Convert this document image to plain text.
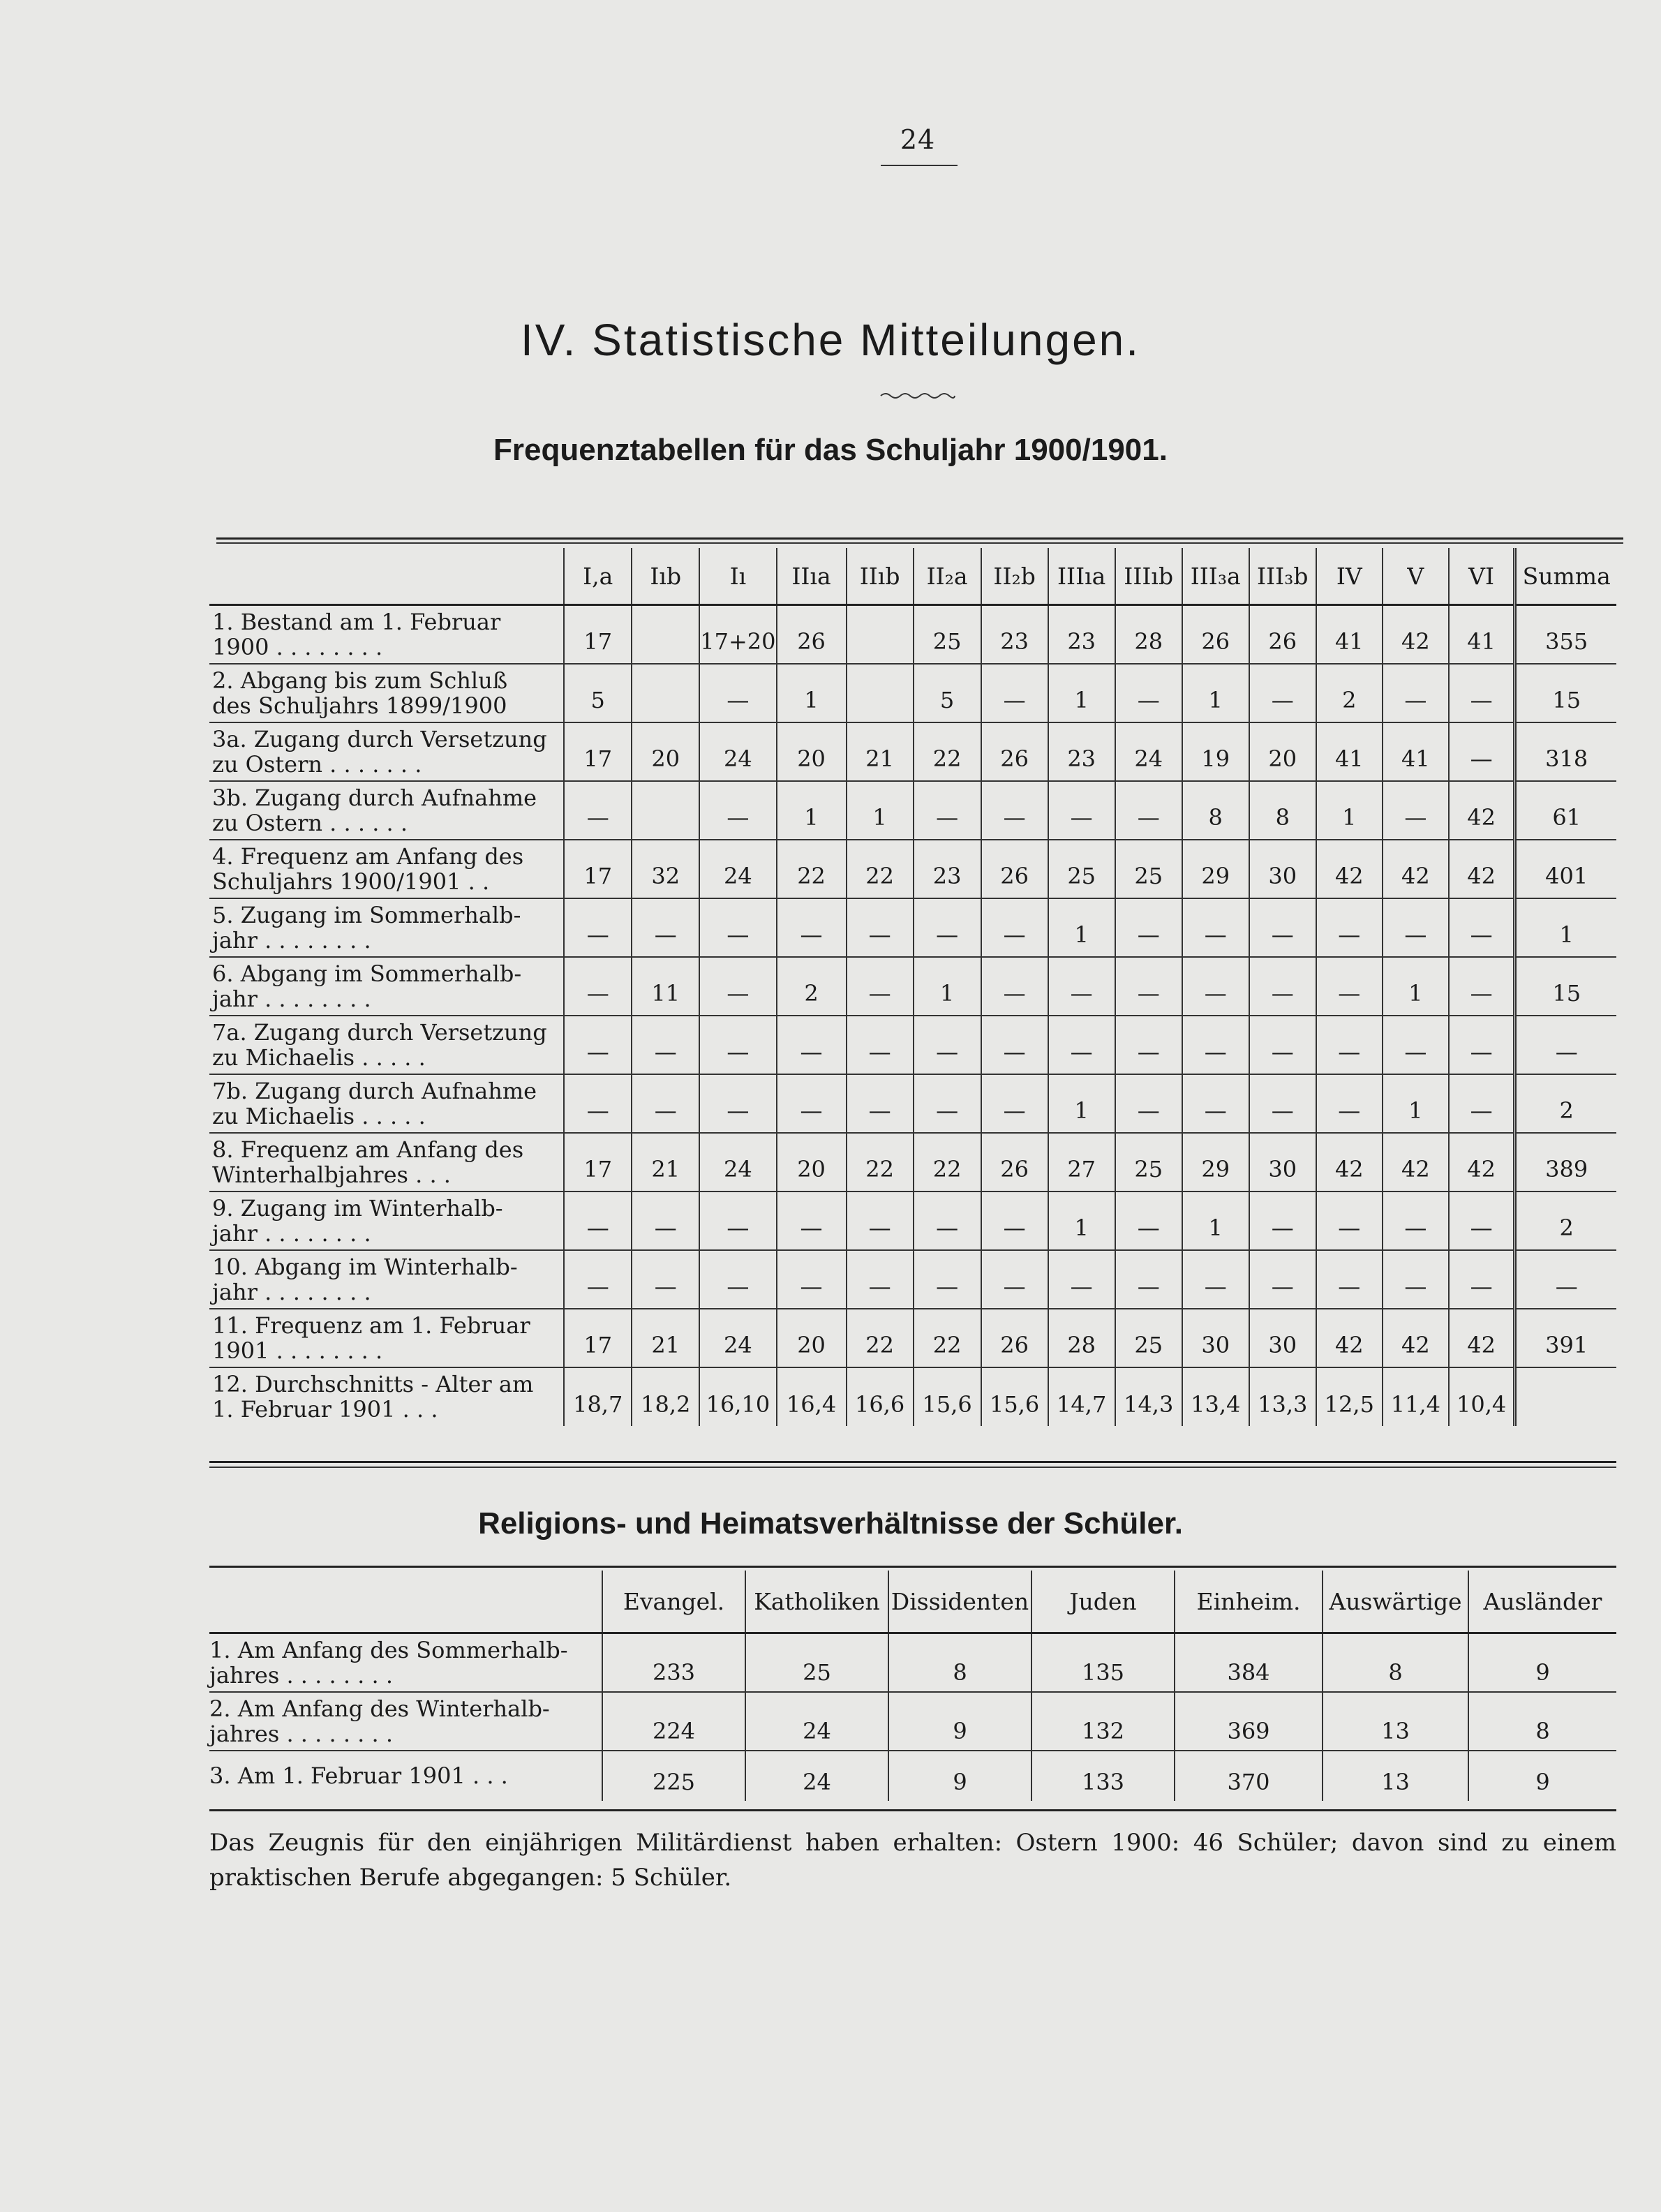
24
IV. Statistische Mitteilungen.
Frequenztabellen für das Schuljahr 1900/1901.
	I,a	Iıb	Iı	IIıa	IIıb	II₂a	II₂b	IIIıa	IIIıb	III₃a	III₃b	IV	V	VI	Summa

1. Bestand am 1. Februar
1900 . . . . . . . .	17		17+20	26		25	23	23	28	26	26	41	42	41	355

2. Abgang bis zum Schluß
des Schuljahrs 1899/1900	5		—	1		5	—	1	—	1	—	2	—	—	15

3a. Zugang durch Versetzung
zu Ostern . . . . . . .	17	20	24	20	21	22	26	23	24	19	20	41	41	—	318

3b. Zugang durch Aufnahme
zu Ostern . . . . . .	—		—	1	1	—	—	—	—	8	8	1	—	42	61

4. Frequenz am Anfang des
Schuljahrs 1900/1901 . .	17	32	24	22	22	23	26	25	25	29	30	42	42	42	401

5. Zugang im Sommerhalb-
jahr . . . . . . . .	—	—	—	—	—	—	—	1	—	—	—	—	—	—	1

6. Abgang im Sommerhalb-
jahr . . . . . . . .	—	11	—	2	—	1	—	—	—	—	—	—	1	—	15

7a. Zugang durch Versetzung
zu Michaelis . . . . .	—	—	—	—	—	—	—	—	—	—	—	—	—	—	—

7b. Zugang durch Aufnahme
zu Michaelis . . . . .	—	—	—	—	—	—	—	1	—	—	—	—	1	—	2

8. Frequenz am Anfang des
Winterhalbjahres . . .	17	21	24	20	22	22	26	27	25	29	30	42	42	42	389

9. Zugang im Winterhalb-
jahr . . . . . . . .	—	—	—	—	—	—	—	1	—	1	—	—	—	—	2

10. Abgang im Winterhalb-
jahr . . . . . . . .	—	—	—	—	—	—	—	—	—	—	—	—	—	—	—

11. Frequenz am 1. Februar
1901 . . . . . . . .	17	21	24	20	22	22	26	28	25	30	30	42	42	42	391

12. Durchschnitts - Alter am
1. Februar 1901 . . .	18,7	18,2	16,10	16,4	16,6	15,6	15,6	14,7	14,3	13,4	13,3	12,5	11,4	10,4	
Religions- und Heimatsverhältnisse der Schüler.
	Evangel.	Katholiken	Dissidenten	Juden	Einheim.	Auswärtige	Ausländer

1. Am Anfang des Sommerhalb-
jahres . . . . . . . .	233	25	8	135	384	8	9

2. Am Anfang des Winterhalb-
jahres . . . . . . . .	224	24	9	132	369	13	8

3. Am 1. Februar 1901 . . .	225	24	9	133	370	13	9
Das Zeugnis für den einjährigen Militärdienst haben erhalten: Ostern 1900: 46 Schüler; davon sind zu einem praktischen Berufe abgegangen: 5 Schüler.
